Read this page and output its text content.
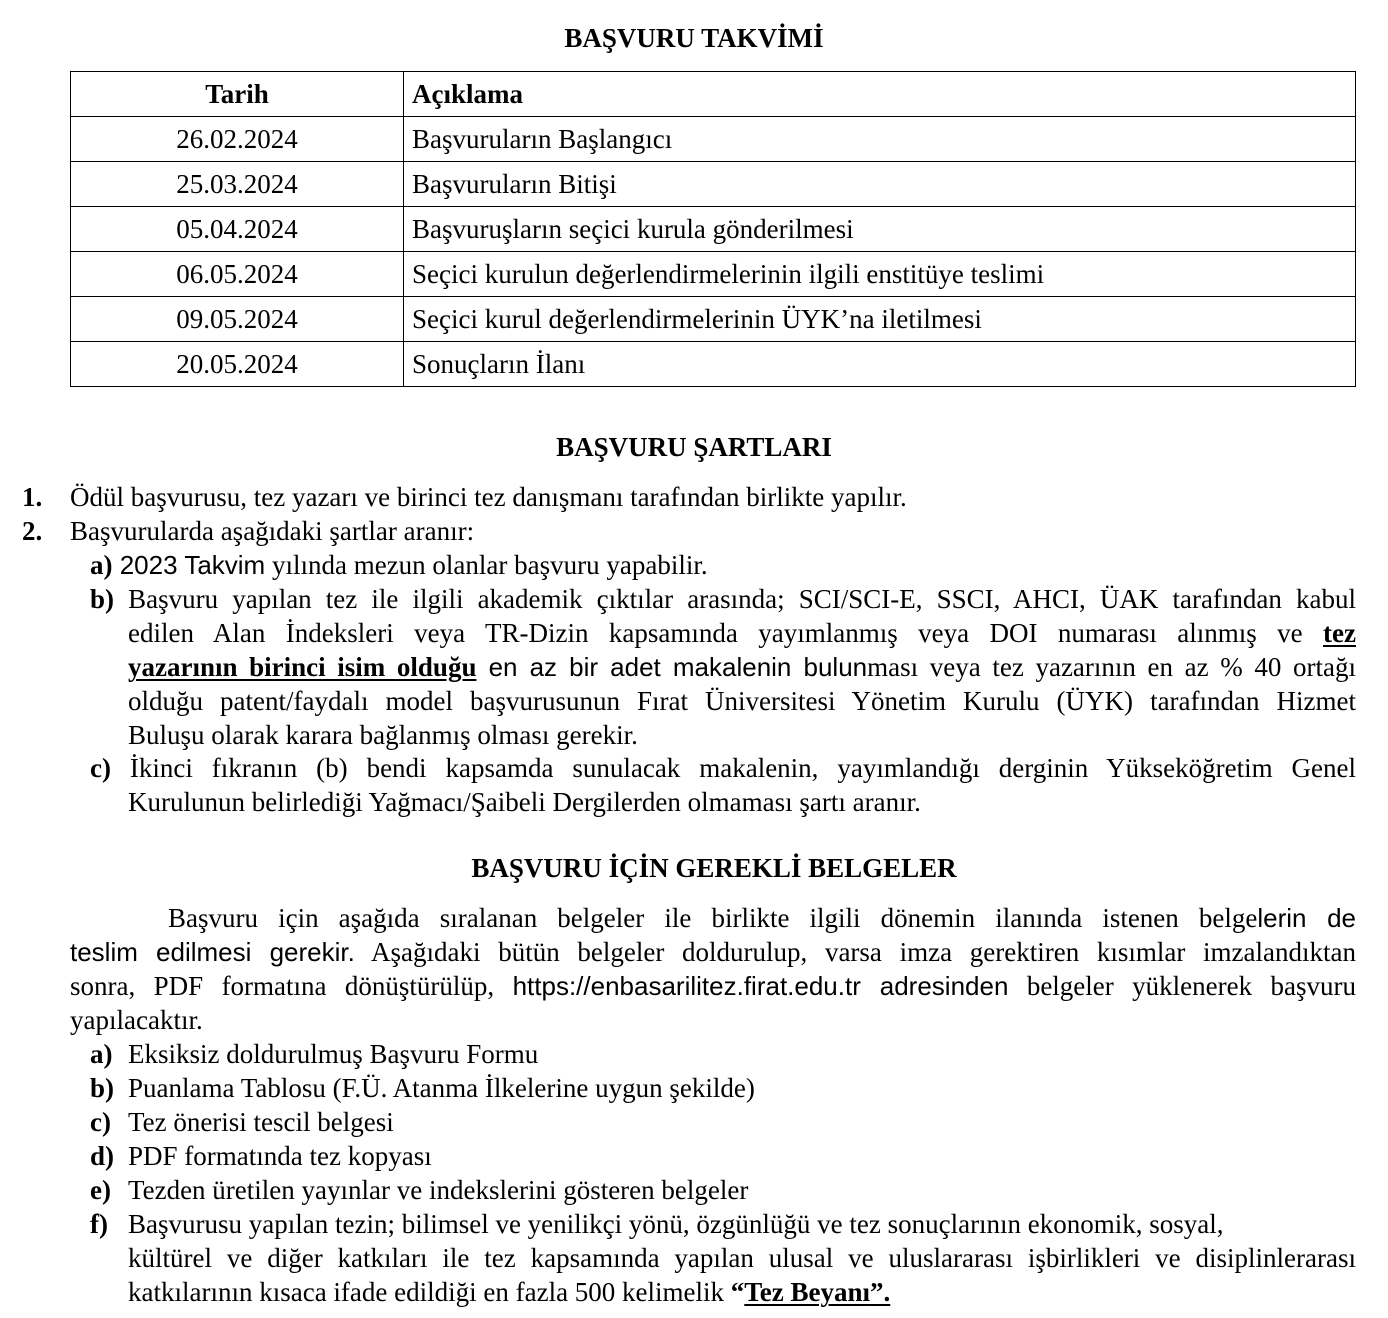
BAŞVURU TAKVİMİ
Tarih	Açıklama
26.02.2024	Başvuruların Başlangıcı
25.03.2024	Başvuruların Bitişi
05.04.2024	Başvuruşların seçici kurula gönderilmesi
06.05.2024	Seçici kurulun değerlendirmelerinin ilgili enstitüye teslimi
09.05.2024	Seçici kurul değerlendirmelerinin ÜYK’na iletilmesi
20.05.2024	Sonuçların İlanı
BAŞVURU ŞARTLARI
1. Ödül başvurusu, tez yazarı ve birinci tez danışmanı tarafından birlikte yapılır.
2. Başvurularda aşağıdaki şartlar aranır:
a) 2023 Takvim yılında mezun olanlar başvuru yapabilir.
b) Başvuru yapılan tez ile ilgili akademik çıktılar arasında; SCI/SCI-E, SSCI, AHCI, ÜAK tarafından kabul
edilen Alan İndeksleri veya TR-Dizin kapsamında yayımlanmış veya DOI numarası alınmış ve tez
yazarının birinci isim olduğu en az bir adet makalenin bulunması veya tez yazarının en az % 40 ortağı
olduğu patent/faydalı model başvurusunun Fırat Üniversitesi Yönetim Kurulu (ÜYK) tarafından Hizmet
Buluşu olarak karara bağlanmış olması gerekir.
c) İkinci fıkranın (b) bendi kapsamda sunulacak makalenin, yayımlandığı derginin Yükseköğretim Genel
Kurulunun belirlediği Yağmacı/Şaibeli Dergilerden olmaması şartı aranır.
BAŞVURU İÇİN GEREKLİ BELGELER
Başvuru için aşağıda sıralanan belgeler ile birlikte ilgili dönemin ilanında istenen belgelerin de
teslim edilmesi gerekir. Aşağıdaki bütün belgeler doldurulup, varsa imza gerektiren kısımlar imzalandıktan
sonra, PDF formatına dönüştürülüp, https://enbasarilitez.firat.edu.tr adresinden belgeler yüklenerek başvuru
yapılacaktır.
a) Eksiksiz doldurulmuş Başvuru Formu
b) Puanlama Tablosu (F.Ü. Atanma İlkelerine uygun şekilde)
c) Tez önerisi tescil belgesi
d) PDF formatında tez kopyası
e) Tezden üretilen yayınlar ve indekslerini gösteren belgeler
f) Başvurusu yapılan tezin; bilimsel ve yenilikçi yönü, özgünlüğü ve tez sonuçlarının ekonomik, sosyal,
kültürel ve diğer katkıları ile tez kapsamında yapılan ulusal ve uluslararası işbirlikleri ve disiplinlerarası
katkılarının kısaca ifade edildiği en fazla 500 kelimelik “Tez Beyanı”.
